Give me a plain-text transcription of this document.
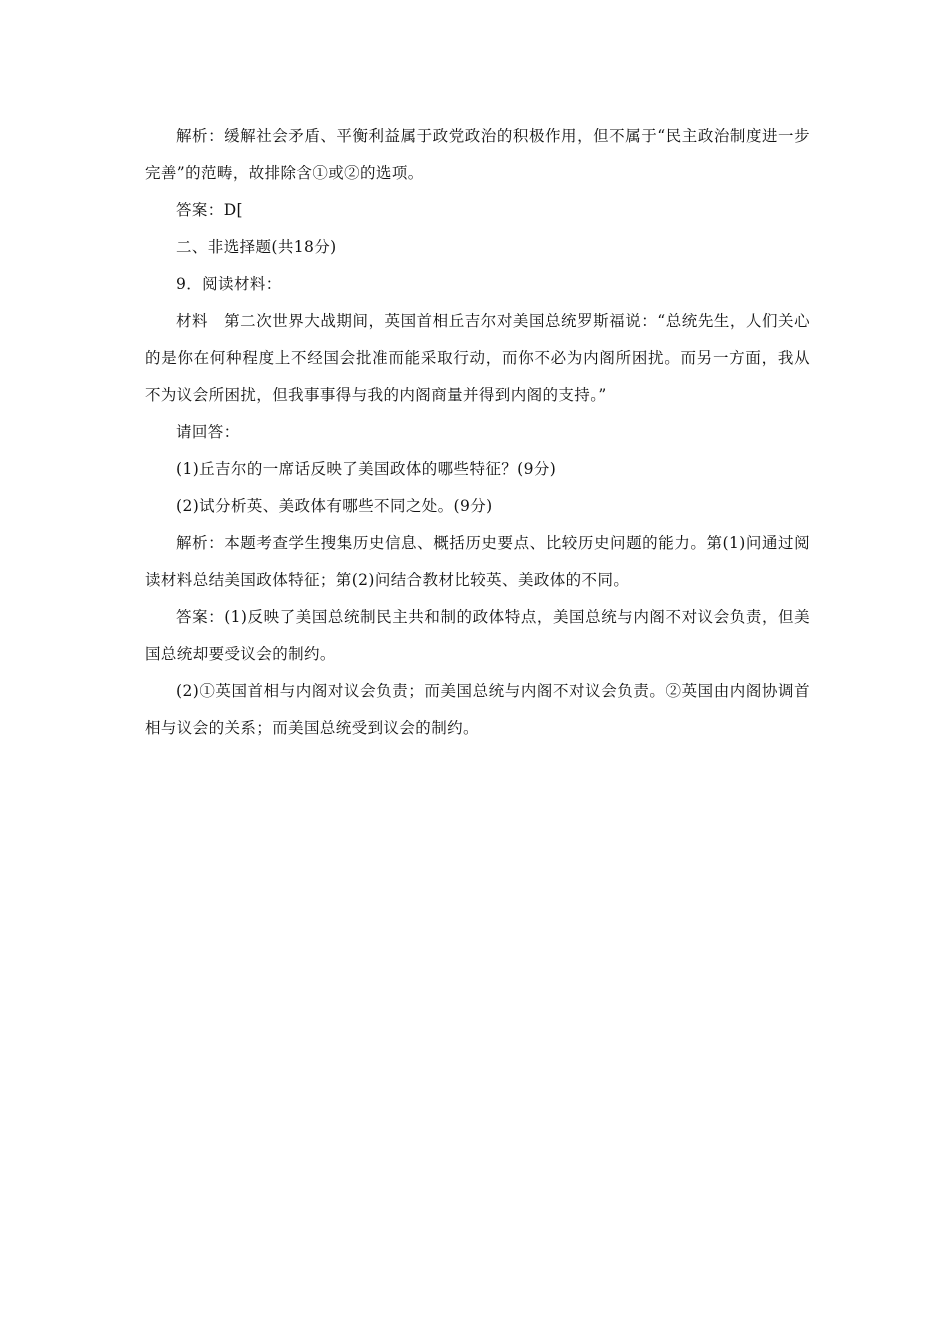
解析：缓解社会矛盾、平衡利益属于政党政治的积极作用，但不属于“民主政治制度进一步完善”的范畴，故排除含①或②的选项。

答案：D[

二、非选择题(共18分)

9．阅读材料：

材料　第二次世界大战期间，英国首相丘吉尔对美国总统罗斯福说：“总统先生，人们关心的是你在何种程度上不经国会批准而能采取行动，而你不必为内阁所困扰。而另一方面，我从不为议会所困扰，但我事事得与我的内阁商量并得到内阁的支持。”

请回答：

(1)丘吉尔的一席话反映了美国政体的哪些特征？(9分)

(2)试分析英、美政体有哪些不同之处。(9分)

解析：本题考查学生搜集历史信息、概括历史要点、比较历史问题的能力。第(1)问通过阅读材料总结美国政体特征；第(2)问结合教材比较英、美政体的不同。

答案：(1)反映了美国总统制民主共和制的政体特点，美国总统与内阁不对议会负责，但美国总统却要受议会的制约。

(2)①英国首相与内阁对议会负责；而美国总统与内阁不对议会负责。②英国由内阁协调首相与议会的关系；而美国总统受到议会的制约。
